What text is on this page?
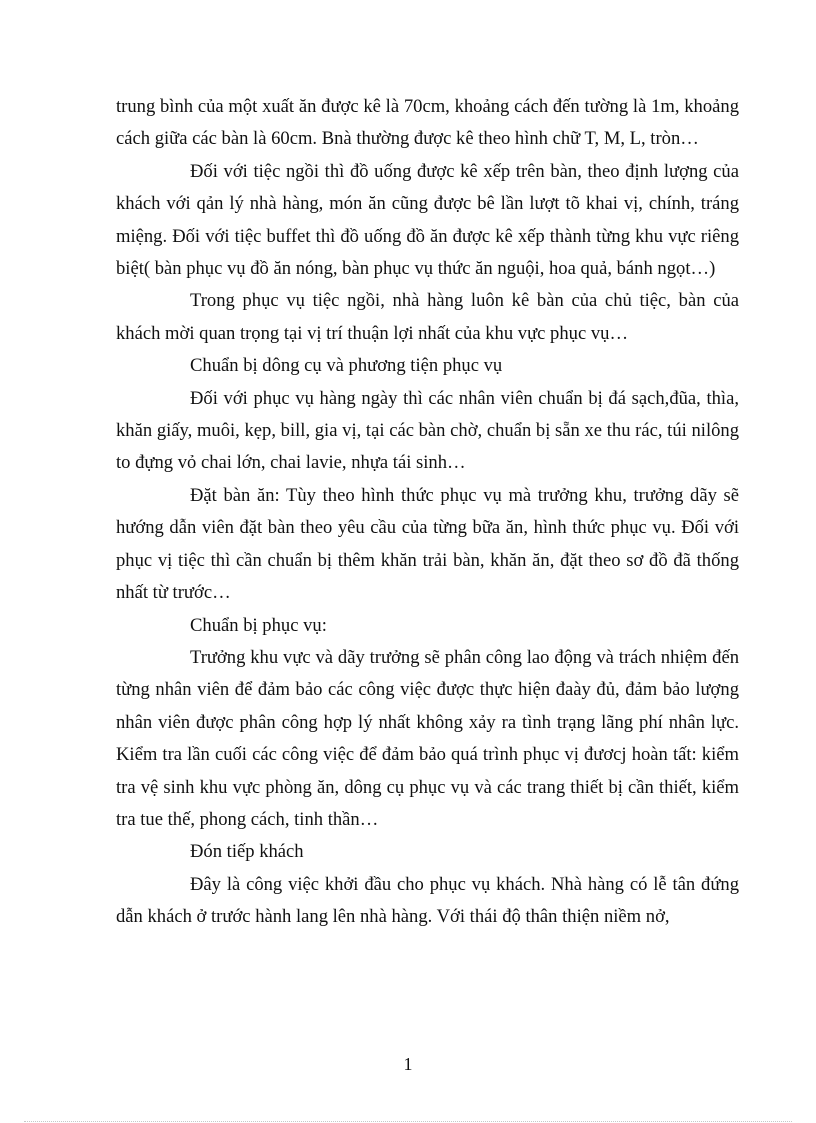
trung bình của một xuất ăn được kê là 70cm, khoảng cách đến tường là 1m, khoảng cách giữa các bàn là 60cm. Bnà thường được kê theo hình chữ T, M, L, tròn…

Đối với tiệc ngồi thì đồ uống được kê xếp trên bàn, theo định lượng của khách với qản lý nhà hàng, món ăn cũng được bê lần lượt tõ khai vị, chính, tráng miệng. Đối với tiệc buffet thì đồ uống đồ ăn được kê xếp thành từng khu vực riêng biệt( bàn phục vụ đồ ăn nóng, bàn phục vụ thức ăn nguội, hoa quả, bánh ngọt…)

Trong phục vụ tiệc ngồi, nhà hàng luôn kê bàn của chủ tiệc, bàn của khách mời quan trọng tại vị trí thuận lợi nhất của khu vực phục vụ…

Chuẩn bị dông cụ và phương tiện phục vụ

Đối với phục vụ hàng ngày thì các nhân viên chuẩn bị đá sạch,đũa, thìa, khăn giấy, muôi, kẹp, bill, gia vị, tại các bàn chờ, chuẩn bị sẵn xe thu rác, túi nilông to đựng vỏ chai lớn, chai lavie, nhựa tái sinh…

Đặt bàn ăn: Tùy theo hình thức phục vụ mà trưởng khu, trưởng dãy sẽ hướng dẫn viên đặt bàn theo yêu cầu của từng bữa ăn, hình thức phục vụ. Đối với phục vị tiệc thì cần chuẩn bị thêm khăn trải bàn, khăn ăn, đặt theo sơ đồ đã thống nhất từ trước…

Chuẩn bị phục vụ:

Trưởng khu vực và dãy trưởng sẽ phân công lao động và trách nhiệm đến từng nhân viên để đảm bảo các công việc được thực hiện đaày đủ, đảm bảo lượng nhân viên được phân công hợp lý nhất không xảy ra tình trạng lãng phí nhân lực. Kiểm tra lần cuối các công việc để đảm bảo quá trình phục vị đươcj hoàn tất: kiểm tra vệ sinh khu vực phòng ăn, dông cụ phục vụ và các trang thiết bị cần thiết, kiểm tra tue thế, phong cách, tinh thần…

Đón tiếp khách

Đây là công việc khởi đầu cho phục vụ khách. Nhà hàng có lễ tân đứng dẫn khách ở trước hành lang lên nhà hàng. Với thái độ thân thiện niềm nở,

1
